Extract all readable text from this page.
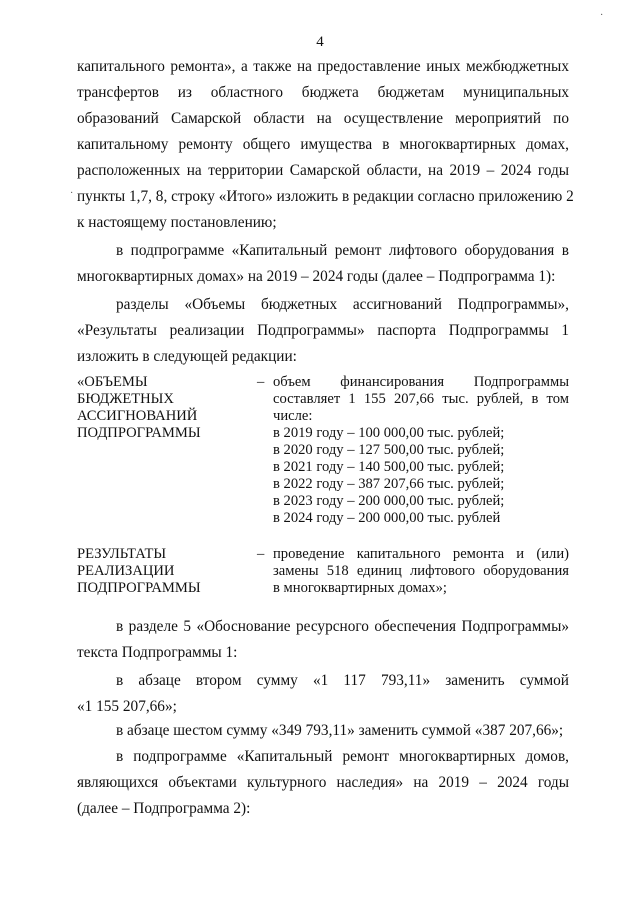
4
капитального ремонта», а также на предоставление иных межбюджетных
трансфертов из областного бюджета бюджетам муниципальных
образований Самарской области на осуществление мероприятий по
капитальному ремонту общего имущества в многоквартирных домах,
расположенных на территории Самарской области, на 2019 – 2024 годы
пункты 1,7, 8, строку «Итого» изложить в редакции согласно приложению 2
к настоящему постановлению;
в подпрограмме «Капитальный ремонт лифтового оборудования в
многоквартирных домах» на 2019 – 2024 годы (далее – Подпрограмма 1):
разделы «Объемы бюджетных ассигнований Подпрограммы»,
«Результаты реализации Подпрограммы» паспорта Подпрограммы 1
изложить в следующей редакции:
«ОБЪЕМЫ
БЮДЖЕТНЫХ
АССИГНОВАНИЙ
ПОДПРОГРАММЫ
– объем финансирования Подпрограммы
составляет 1 155 207,66 тыс. рублей, в том
числе:
в 2019 году – 100 000,00 тыс. рублей;
в 2020 году – 127 500,00 тыс. рублей;
в 2021 году – 140 500,00 тыс. рублей;
в 2022 году – 387 207,66 тыс. рублей;
в 2023 году – 200 000,00 тыс. рублей;
в 2024 году – 200 000,00 тыс. рублей
РЕЗУЛЬТАТЫ
РЕАЛИЗАЦИИ
ПОДПРОГРАММЫ
– проведение капитального ремонта и (или)
замены 518 единиц лифтового оборудования
в многоквартирных домах»;
в разделе 5 «Обоснование ресурсного обеспечения Подпрограммы»
текста Подпрограммы 1:
в абзаце втором сумму «1 117 793,11» заменить суммой
«1 155 207,66»;
в абзаце шестом сумму «349 793,11» заменить суммой «387 207,66»;
в подпрограмме «Капитальный ремонт многоквартирных домов,
являющихся объектами культурного наследия» на 2019 – 2024 годы
(далее – Подпрограмма 2):
·
·
